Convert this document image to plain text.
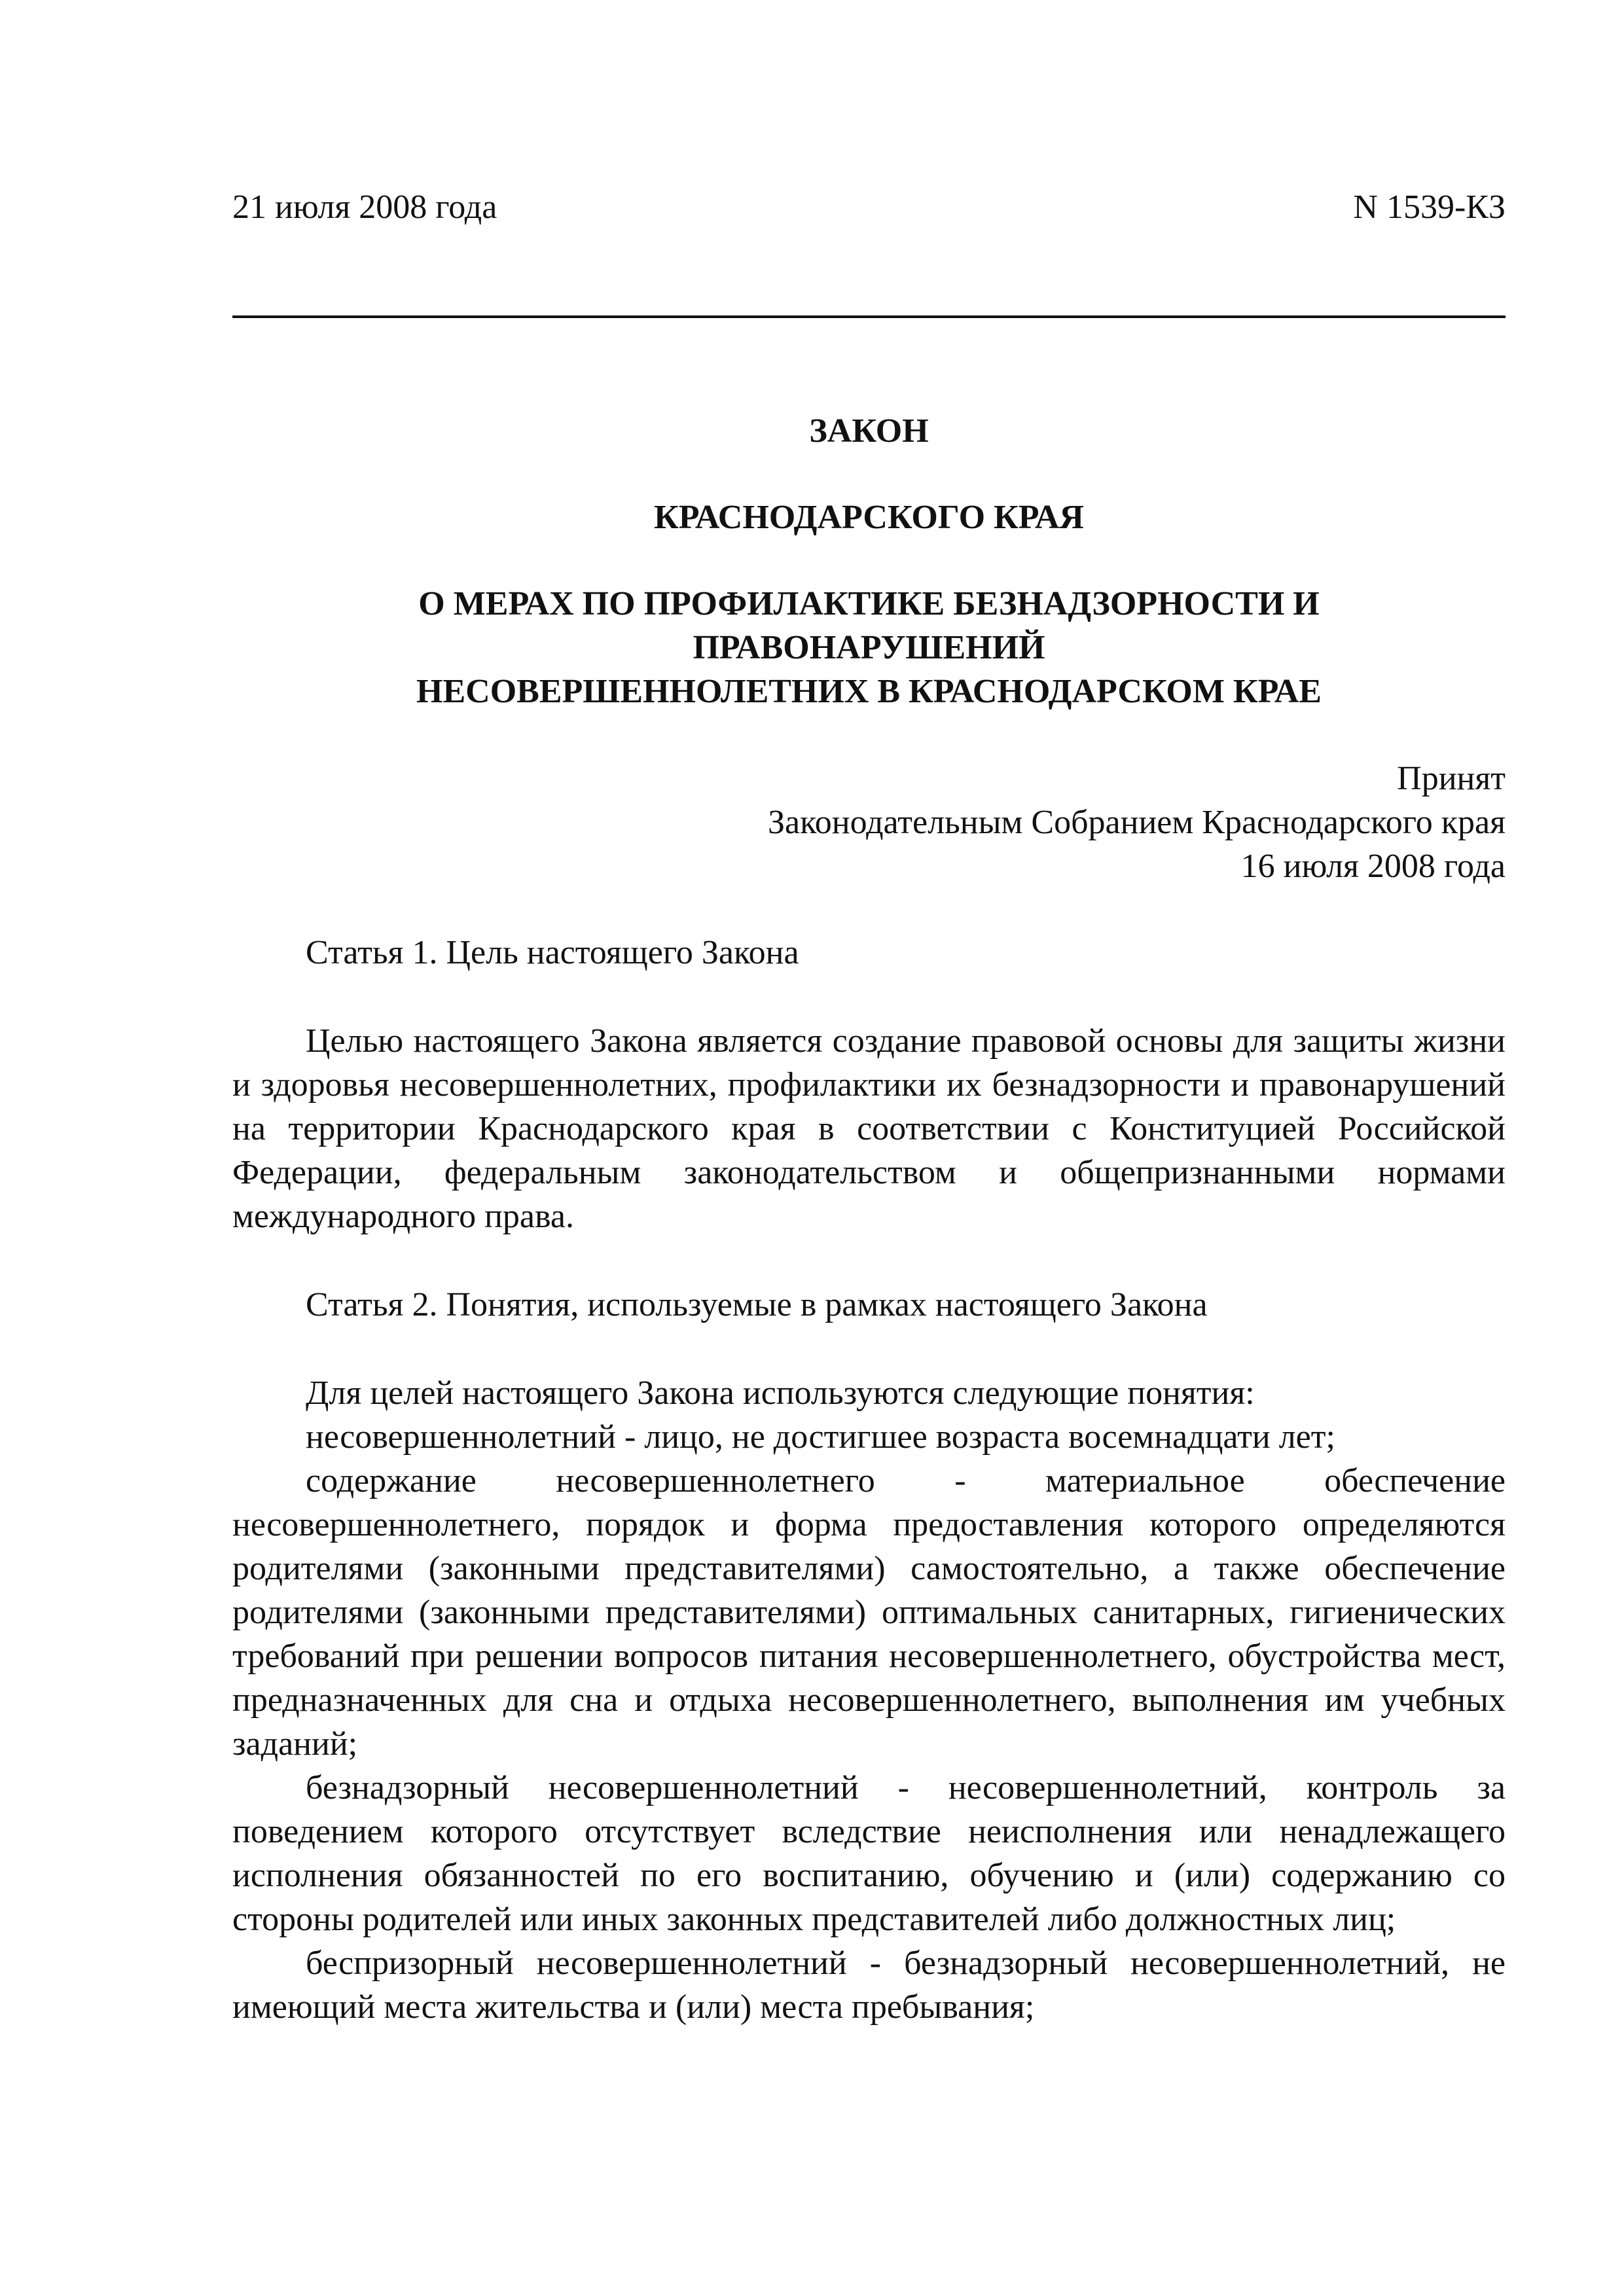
21 июля 2008 года	N 1539-КЗ
ЗАКОН
КРАСНОДАРСКОГО КРАЯ
О МЕРАХ ПО ПРОФИЛАКТИКЕ БЕЗНАДЗОРНОСТИ И
ПРАВОНАРУШЕНИЙ
НЕСОВЕРШЕННОЛЕТНИХ В КРАСНОДАРСКОМ КРАЕ
Принят
Законодательным Собранием Краснодарского края
16 июля 2008 года

Статья 1. Цель настоящего Закона

Целью настоящего Закона является создание правовой основы для защиты жизни и здоровья несовершеннолетних, профилактики их безнадзорности и правонарушений на территории Краснодарского края в соответствии с Конституцией Российской Федерации, федеральным законодательством и общепризнанными нормами международного права.

Статья 2. Понятия, используемые в рамках настоящего Закона

Для целей настоящего Закона используются следующие понятия:

несовершеннолетний - лицо, не достигшее возраста восемнадцати лет;

содержание несовершеннолетнего - материальное обеспечение несовершеннолетнего, порядок и форма предоставления которого определяются родителями (законными представителями) самостоятельно, а также обеспечение родителями (законными представителями) оптимальных санитарных, гигиенических требований при решении вопросов питания несовершеннолетнего, обустройства мест, предназначенных для сна и отдыха несовершеннолетнего, выполнения им учебных заданий;

безнадзорный несовершеннолетний - несовершеннолетний, контроль за поведением которого отсутствует вследствие неисполнения или ненадлежащего исполнения обязанностей по его воспитанию, обучению и (или) содержанию со стороны родителей или иных законных представителей либо должностных лиц;

беспризорный несовершеннолетний - безнадзорный несовершеннолетний, не имеющий места жительства и (или) места пребывания;
